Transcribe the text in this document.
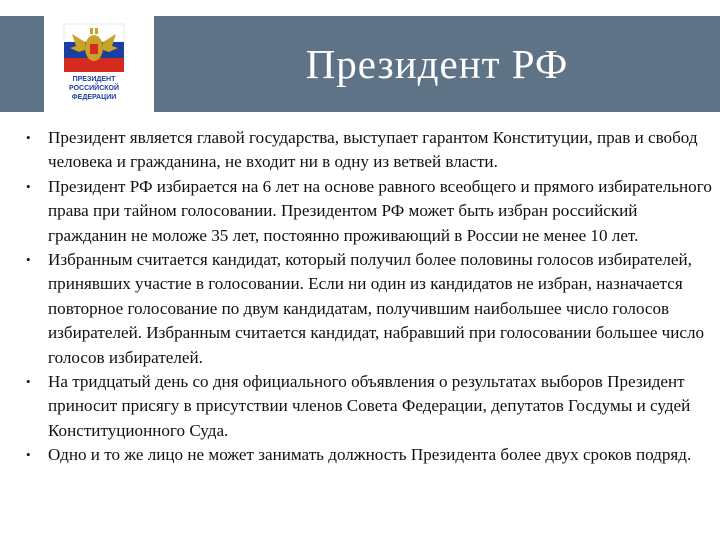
ПРЕЗИДЕНТ
РОССИЙСКОЙ
ФЕДЕРАЦИИ
Президент РФ
• Президент является главой государства, выступает гарантом Конституции, прав и свобод человека и гражданина, не входит ни в одну из ветвей власти.
• Президент РФ избирается на 6 лет на основе равного всеобщего и прямого избирательного права при тайном голосовании. Президентом РФ может быть избран российский гражданин не моложе 35 лет, постоянно проживающий в России не менее 10 лет.
• Избранным считается кандидат, который получил более половины голосов избирателей, принявших участие в голосовании. Если ни один из кандидатов не избран, назначается повторное голосование по двум кандидатам, получившим наибольшее число голосов избирателей. Избранным считается кандидат, набравший при голосовании большее число голосов избирателей.
• На тридцатый день со дня официального объявления о результатах выборов Президент приносит присягу в присутствии членов Совета Федерации, депутатов Госдумы и судей Конституционного Суда.
• Одно и то же лицо не может занимать должность Президента более двух сроков подряд.
